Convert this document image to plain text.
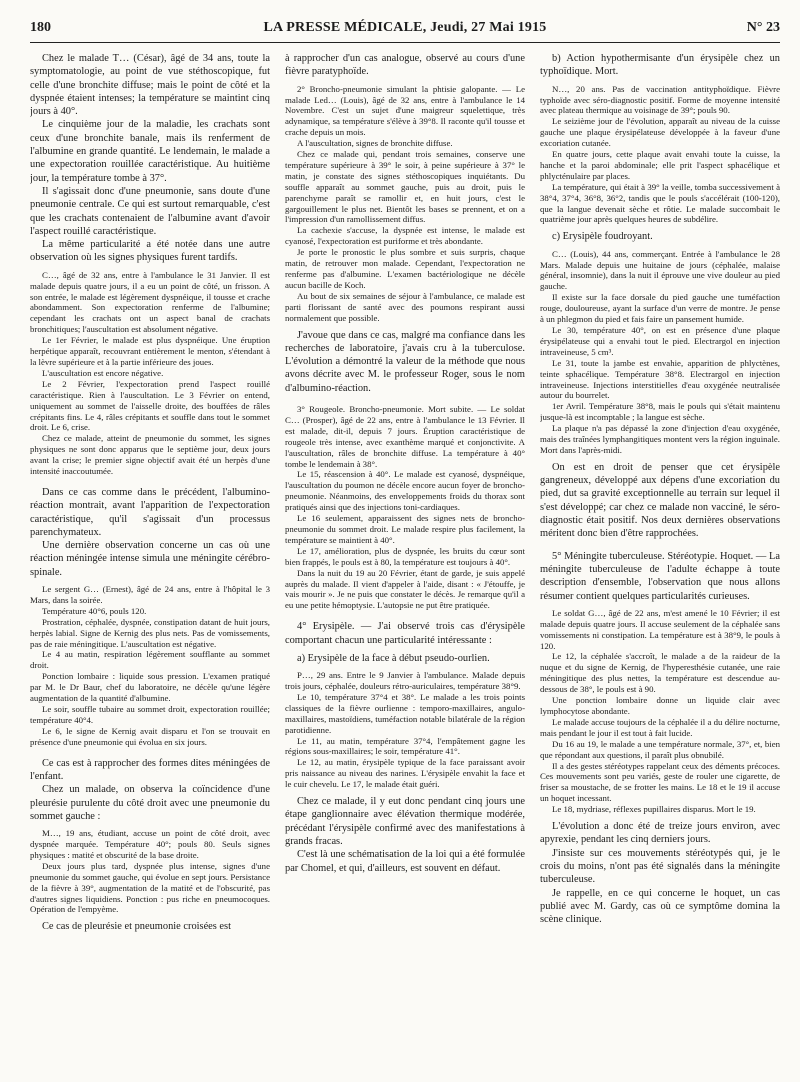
LA PRESSE MÉDICALE, Jeudi, 27 Mai 1915
180	N° 23

Chez le malade T… (César), âgé de 34 ans, toute la symptomatologie, au point de vue stéthoscopique, fut celle d'une bronchite diffuse; mais le point de côté et la dyspnée étaient intenses; la température se maintint cinq jours à 40°.

Le cinquième jour de la maladie, les crachats sont ceux d'une bronchite banale, mais ils renferment de l'albumine en grande quantité. Le lendemain, le malade a une expectoration rouillée caractéristique. Au huitième jour, la température tombe à 37°.

Il s'agissait donc d'une pneumonie, sans doute d'une pneumonie centrale. Ce qui est surtout remarquable, c'est que les crachats contenaient de l'albumine avant d'avoir l'aspect rouillé caractéristique.

La même particularité a été notée dans une autre observation où les signes physiques furent tardifs.

C…, âgé de 32 ans, entre à l'ambulance le 31 Janvier. Il est malade depuis quatre jours, il a eu un point de côté, un frisson. A son entrée, le malade est légèrement dyspnéique, il tousse et crache abondamment. Son expectoration renferme de l'albumine; cependant les crachats ont un aspect banal de crachats bronchitiques; l'auscultation est absolument négative.

Le 1er Février, le malade est plus dyspnéique. Une éruption herpétique apparaît, recouvrant entièrement le menton, s'étendant à la lèvre supérieure et à la partie inférieure des joues.

L'auscultation est encore négative.

Le 2 Février, l'expectoration prend l'aspect rouillé caractéristique. Rien à l'auscultation. Le 3 Février on entend, uniquement au sommet de l'aisselle droite, des bouffées de râles crépitants fins. Le 4, râles crépitants et souffle dans tout le sommet droit. Le 6, crise.

Chez ce malade, atteint de pneumonie du sommet, les signes physiques ne sont donc apparus que le septième jour, deux jours avant la crise; le premier signe objectif avait été un herpès d'une intensité inaccoutumée.

Dans ce cas comme dans le précédent, l'albumino-réaction montrait, avant l'apparition de l'expectoration caractéristique, qu'il s'agissait d'un processus parenchymateux.

Une dernière observation concerne un cas où une réaction méningée intense simula une méningite cérébro-spinale.

Le sergent G… (Ernest), âgé de 24 ans, entre à l'hôpital le 3 Mars, dans la soirée.

Température 40°6, pouls 120.

Prostration, céphalée, dyspnée, constipation datant de huit jours, herpès labial. Signe de Kernig des plus nets. Pas de vomissements, pas de raie méningitique. L'auscultation est négative.

Le 4 au matin, respiration légèrement soufflante au sommet droit.

Ponction lombaire : liquide sous pression. L'examen pratiqué par M. le Dr Baur, chef du laboratoire, ne décèle qu'une légère augmentation de la quantité d'albumine.

Le soir, souffle tubaire au sommet droit, expectoration rouillée; température 40°4.

Le 6, le signe de Kernig avait disparu et l'on se trouvait en présence d'une pneumonie qui évolua en six jours.

Ce cas est à rapprocher des formes dites méningées de l'enfant.

Chez un malade, on observa la coïncidence d'une pleurésie purulente du côté droit avec une pneumonie du sommet gauche :

M…, 19 ans, étudiant, accuse un point de côté droit, avec dyspnée marquée. Température 40°; pouls 80. Seuls signes physiques : matité et obscurité de la base droite.

Deux jours plus tard, dyspnée plus intense, signes d'une pneumonie du sommet gauche, qui évolue en sept jours. Persistance de la fièvre à 39°, augmentation de la matité et de l'obscurité, pas d'autres signes liquidiens. Ponction : pus riche en pneumocoques. Opération de l'empyème.

Ce cas de pleurésie et pneumonie croisées est

à rapprocher d'un cas analogue, observé au cours d'une fièvre paratyphoïde.

2° Broncho-pneumonie simulant la phtisie galopante. — Le malade Led… (Louis), âgé de 32 ans, entre à l'ambulance le 14 Novembre. C'est un sujet d'une maigreur squelettique, très adynamique, sa température s'élève à 39°8. Il raconte qu'il tousse et crache depuis un mois.

A l'auscultation, signes de bronchite diffuse.

Chez ce malade qui, pendant trois semaines, conserve une température supérieure à 39° le soir, à peine supérieure à 37° le matin, je constate des signes stéthoscopiques inquiétants. Du souffle apparaît au sommet gauche, puis au droit, puis le parenchyme paraît se ramollir et, en huit jours, c'est le gargouillement le plus net. Bientôt les bases se prennent, et on a l'impression d'un ramollissement diffus.

La cachexie s'accuse, la dyspnée est intense, le malade est cyanosé, l'expectoration est puriforme et très abondante.

Je porte le pronostic le plus sombre et suis surpris, chaque matin, de retrouver mon malade. Cependant, l'expectoration ne renferme pas d'albumine. L'examen bactériologique ne décèle aucun bacille de Koch.

Au bout de six semaines de séjour à l'ambulance, ce malade est parti florissant de santé avec des poumons respirant aussi normalement que possible.

J'avoue que dans ce cas, malgré ma confiance dans les recherches de laboratoire, j'avais cru à la tuberculose. L'évolution a démontré la valeur de la méthode que nous avons décrite avec M. le professeur Roger, sous le nom d'albumino-réaction.

3° Rougeole. Broncho-pneumonie. Mort subite. — Le soldat C… (Prosper), âgé de 22 ans, entre à l'ambulance le 13 Février. Il est malade, dit-il, depuis 7 jours. Éruption caractéristique de rougeole très intense, avec exanthème marqué et conjonctivite. A l'auscultation, râles de bronchite diffuse. La température à 40° tombe le lendemain à 38°.

Le 15, réascension à 40°. Le malade est cyanosé, dyspnéique, l'auscultation du poumon ne décèle encore aucun foyer de broncho-pneumonie. Néanmoins, des enveloppements froids du thorax sont pratiqués ainsi que des injections toni-cardiaques.

Le 16 seulement, apparaissent des signes nets de broncho-pneumonie du sommet droit. Le malade respire plus facilement, la température se maintient à 40°.

Le 17, amélioration, plus de dyspnée, les bruits du cœur sont bien frappés, le pouls est à 80, la température est toujours à 40°.

Dans la nuit du 19 au 20 Février, étant de garde, je suis appelé auprès du malade. Il vient d'appeler à l'aide, disant : « J'étouffe, je vais mourir ». Je ne puis que constater le décès. Je remarque qu'il a eu une petite hémoptysie. L'autopsie ne put être pratiquée.

4° Erysipèle. — J'ai observé trois cas d'érysipèle comportant chacun une particularité intéressante :

a) Erysipèle de la face à début pseudo-ourlien.

P…, 29 ans. Entre le 9 Janvier à l'ambulance. Malade depuis trois jours, céphalée, douleurs rétro-auriculaires, température 38°9.

Le 10, température 37°4 et 38°. Le malade a les trois points classiques de la fièvre ourlienne : temporo-maxillaires, angulo-maxillaires, mastoïdiens, tuméfaction notable bilatérale de la région parotidienne.

Le 11, au matin, température 37°4, l'empâtement gagne les régions sous-maxillaires; le soir, température 41°.

Le 12, au matin, érysipèle typique de la face paraissant avoir pris naissance au niveau des narines. L'érysipèle envahit la face et le cuir chevelu. Le 17, le malade était guéri.

Chez ce malade, il y eut donc pendant cinq jours une étape ganglionnaire avec élévation thermique modérée, précédant l'érysipèle confirmé avec des manifestations à grands fracas.

C'est là une schématisation de la loi qui a été formulée par Chomel, et qui, d'ailleurs, est souvent en défaut.

b) Action hypothermisante d'un érysipèle chez un typhoïdique. Mort.

N…, 20 ans. Pas de vaccination antityphoïdique. Fièvre typhoïde avec séro-diagnostic positif. Forme de moyenne intensité avec plateau thermique au voisinage de 39°; pouls 90.

Le seizième jour de l'évolution, apparaît au niveau de la cuisse gauche une plaque érysipélateuse développée à la faveur d'une excoriation cutanée.

En quatre jours, cette plaque avait envahi toute la cuisse, la hanche et la paroi abdominale; elle prit l'aspect sphacélique et phlycténulaire par places.

La température, qui était à 39° la veille, tomba successivement à 38°4, 37°4, 36°8, 36°2, tandis que le pouls s'accélérait (100-120), que la langue devenait sèche et rôtie. Le malade succombait le quatrième jour après quelques heures de subdélire.

c) Erysipèle foudroyant.

C… (Louis), 44 ans, commerçant. Entrée à l'ambulance le 28 Mars. Malade depuis une huitaine de jours (céphalée, malaise général, insomnie), dans la nuit il éprouve une vive douleur au pied gauche.

Il existe sur la face dorsale du pied gauche une tuméfaction rouge, douloureuse, ayant la surface d'un verre de montre. Je pense à un phlegmon du pied et fais faire un pansement humide.

Le 30, température 40°, on est en présence d'une plaque érysipélateuse qui a envahi tout le pied. Electrargol en injection intraveineuse, 5 cm³.

Le 31, toute la jambe est envahie, apparition de phlyctènes, teinte sphacélique. Température 38°8. Electrargol en injection intraveineuse. Injections interstitielles d'eau oxygénée neutralisée autour du bourrelet.

1er Avril. Température 38°8, mais le pouls qui s'était maintenu jusque-là est incomptable ; la langue est sèche.

La plaque n'a pas dépassé la zone d'injection d'eau oxygénée, mais des traînées lymphangitiques montent vers la région inguinale. Mort dans l'après-midi.

On est en droit de penser que cet érysipèle gangreneux, développé aux dépens d'une excoriation du pied, dut sa gravité exceptionnelle au terrain sur lequel il s'est développé; car chez ce malade non vacciné, le séro-diagnostic était positif. Nos deux dernières observations méritent donc bien d'être rapprochées.

5° Méningite tuberculeuse. Stéréotypie. Hoquet. — La méningite tuberculeuse de l'adulte échappe à toute description d'ensemble, l'observation que nous allons résumer contient quelques particularités curieuses.

Le soldat G…, âgé de 22 ans, m'est amené le 10 Février; il est malade depuis quatre jours. Il accuse seulement de la céphalée sans vomissements ni constipation. La température est à 38°9, le pouls à 120.

Le 12, la céphalée s'accroît, le malade a de la raideur de la nuque et du signe de Kernig, de l'hyperesthésie cutanée, une raie méningitique des plus nettes, la température est descendue au-dessous de 38°, le pouls est à 90.

Une ponction lombaire donne un liquide clair avec lymphocytose abondante.

Le malade accuse toujours de la céphalée il a du délire nocturne, mais pendant le jour il est tout à fait lucide.

Du 16 au 19, le malade a une température normale, 37°, et, bien que répondant aux questions, il paraît plus obnubilé.

Il a des gestes stéréotypes rappelant ceux des déments précoces. Ces mouvements sont peu variés, geste de rouler une cigarette, de friser sa moustache, de se frotter les mains. Le 18 et le 19 il accuse un hoquet incessant.

Le 18, mydriase, réflexes pupillaires disparus. Mort le 19.

L'évolution a donc été de treize jours environ, avec apyrexie, pendant les cinq derniers jours.

J'insiste sur ces mouvements stéréotypés qui, je le crois du moins, n'ont pas été signalés dans la méningite tuberculeuse.

Je rappelle, en ce qui concerne le hoquet, un cas publié avec M. Gardy, cas où ce symptôme domina la scène clinique.
